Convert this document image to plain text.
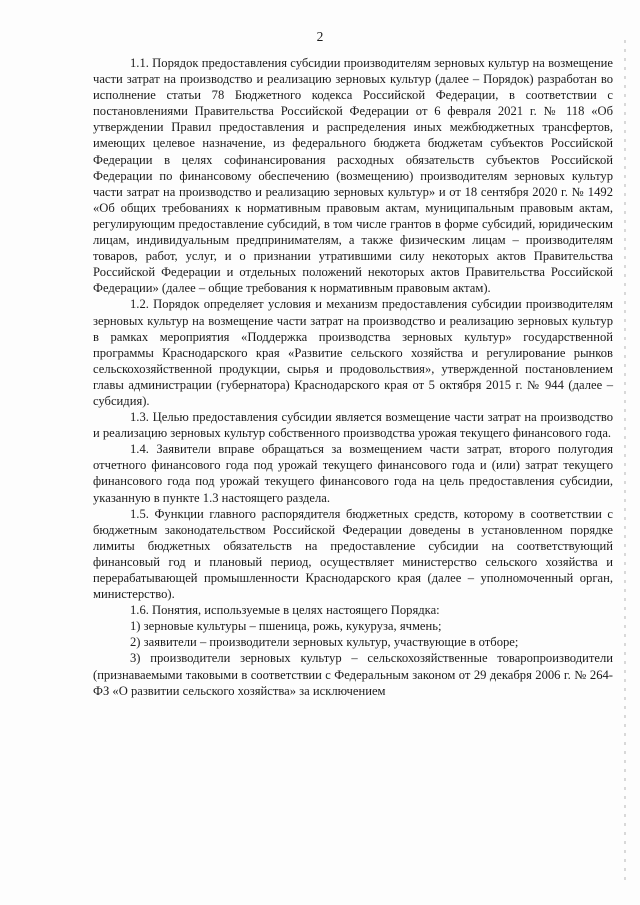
2

1.1. Порядок предоставления субсидии производителям зерновых культур на возмещение части затрат на производство и реализацию зерновых культур (далее – Порядок) разработан во исполнение статьи 78 Бюджетного кодекса Российской Федерации, в соответствии с постановлениями Правительства Российской Федерации от 6 февраля 2021 г. № 118 «Об утверждении Правил предоставления и распределения иных межбюджетных трансфертов, имеющих целевое назначение, из федерального бюджета бюджетам субъектов Российской Федерации в целях софинансирования расходных обязательств субъектов Российской Федерации по финансовому обеспечению (возмещению) производителям зерновых культур части затрат на производство и реализацию зерновых культур» и от 18 сентября 2020 г. № 1492 «Об общих требованиях к нормативным правовым актам, муниципальным правовым актам, регулирующим предоставление субсидий, в том числе грантов в форме субсидий, юридическим лицам, индивидуальным предпринимателям, а также физическим лицам – производителям товаров, работ, услуг, и о признании утратившими силу некоторых актов Правительства Российской Федерации и отдельных положений некоторых актов Правительства Российской Федерации» (далее – общие требования к нормативным правовым актам).

1.2. Порядок определяет условия и механизм предоставления субсидии производителям зерновых культур на возмещение части затрат на производство и реализацию зерновых культур в рамках мероприятия «Поддержка производства зерновых культур» государственной программы Краснодарского края «Развитие сельского хозяйства и регулирование рынков сельскохозяйственной продукции, сырья и продовольствия», утвержденной постановлением главы администрации (губернатора) Краснодарского края от 5 октября 2015 г. № 944 (далее – субсидия).

1.3. Целью предоставления субсидии является возмещение части затрат на производство и реализацию зерновых культур собственного производства урожая текущего финансового года.

1.4. Заявители вправе обращаться за возмещением части затрат, второго полугодия отчетного финансового года под урожай текущего финансового года и (или) затрат текущего финансового года под урожай текущего финансового года на цель предоставления субсидии, указанную в пункте 1.3 настоящего раздела.

1.5. Функции главного распорядителя бюджетных средств, которому в соответствии с бюджетным законодательством Российской Федерации доведены в установленном порядке лимиты бюджетных обязательств на предоставление субсидии на соответствующий финансовый год и плановый период, осуществляет министерство сельского хозяйства и перерабатывающей промышленности Краснодарского края (далее – уполномоченный орган, министерство).

1.6. Понятия, используемые в целях настоящего Порядка:

1) зерновые культуры – пшеница, рожь, кукуруза, ячмень;

2) заявители – производители зерновых культур, участвующие в отборе;

3) производители зерновых культур – сельскохозяйственные товаропроизводители (признаваемыми таковыми в соответствии с Федеральным законом от 29 декабря 2006 г. № 264-ФЗ «О развитии сельского хозяйства» за исключением
